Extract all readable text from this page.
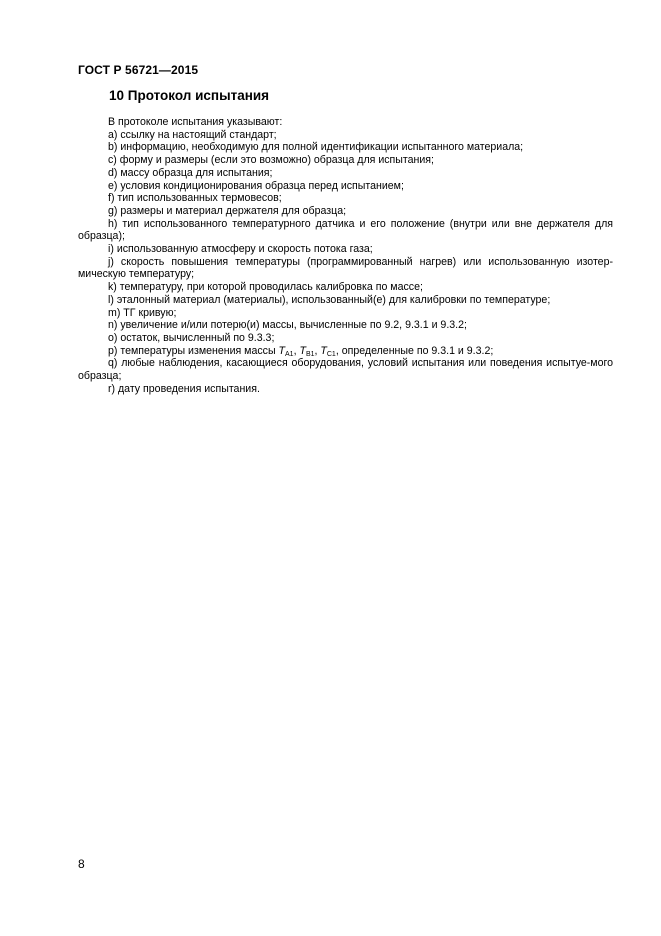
ГОСТ Р 56721—2015
10 Протокол испытания

В протоколе испытания указывают:

a) ссылку на настоящий стандарт;

b) информацию, необходимую для полной идентификации испытанного материала;

c) форму и размеры (если это возможно) образца для испытания;

d) массу образца для испытания;

e) условия кондиционирования образца перед испытанием;

f) тип использованных термовесов;

g) размеры и материал держателя для образца;

h) тип использованного температурного датчика и его положение (внутри или вне держателя для образца);

i) использованную атмосферу и скорость потока газа;

j) скорость повышения температуры (программированный нагрев) или использованную изотер-мическую температуру;

k) температуру, при которой проводилась калибровка по массе;

l) эталонный материал (материалы), использованный(е) для калибровки по температуре;

m) ТГ кривую;

n) увеличение и/или потерю(и) массы, вычисленные по 9.2, 9.3.1 и 9.3.2;

o) остаток, вычисленный по 9.3.3;

p) температуры изменения массы $T_{A1}$, $T_{B1}$, $T_{C1}$, определенные по 9.3.1 и 9.3.2;

q) любые наблюдения, касающиеся оборудования, условий испытания или поведения испытуе-мого образца;

r) дату проведения испытания.

8
